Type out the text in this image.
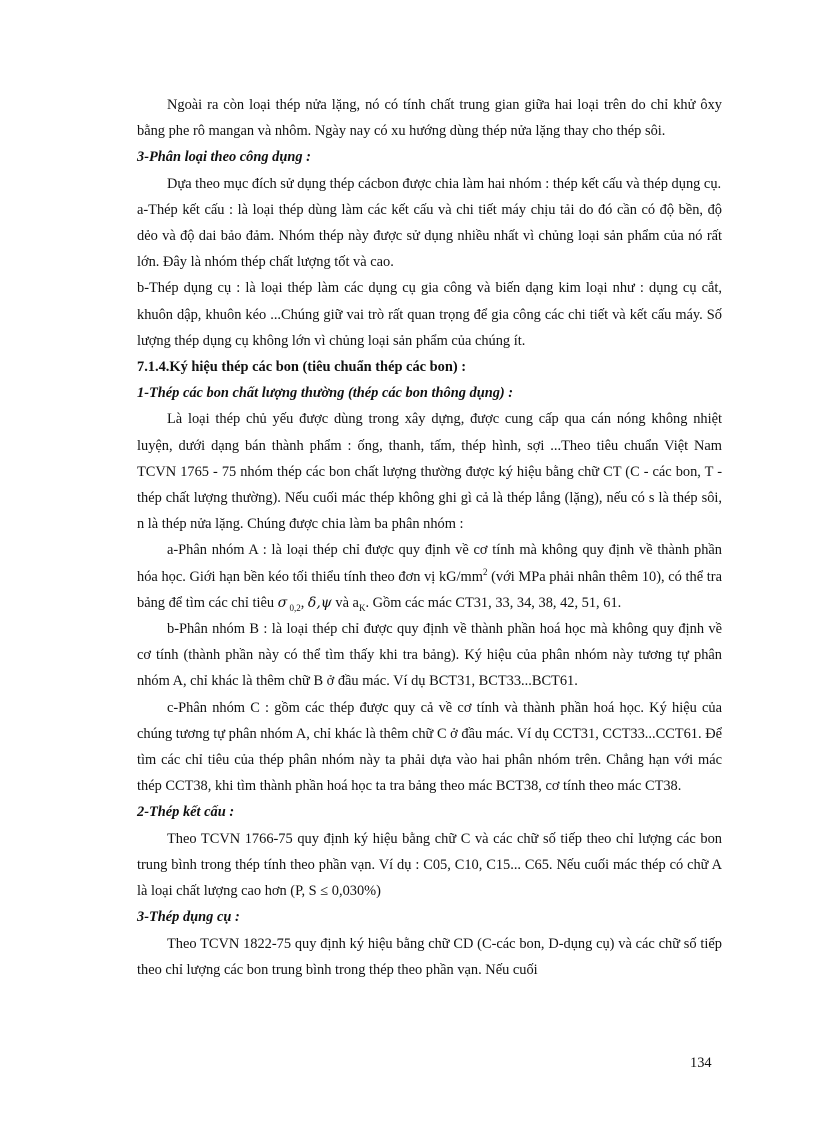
Ngoài ra còn loại thép nửa lặng, nó có tính chất trung gian giữa hai loại trên do chỉ khử ôxy bằng phe rô mangan và nhôm. Ngày nay có xu hướng dùng thép nửa lặng thay cho thép sôi.

3-Phân loại theo công dụng :

Dựa theo mục đích sử dụng thép cácbon được chia làm hai nhóm : thép kết cấu và thép dụng cụ.

a-Thép kết cấu : là loại thép dùng làm các kết cấu và chi tiết máy chịu tải do đó cần có độ bền, độ dẻo và độ dai bảo đảm. Nhóm thép này được sử dụng nhiều nhất vì chủng loại sản phẩm của nó rất lớn. Đây là nhóm thép chất lượng tốt và cao.

b-Thép dụng cụ : là loại thép làm các dụng cụ gia công và biến dạng kim loại như : dụng cụ cắt, khuôn dập, khuôn kéo ...Chúng giữ vai trò rất quan trọng để gia công các chi tiết và kết cấu máy. Số lượng thép dụng cụ không lớn vì chủng loại sản phẩm của chúng ít.

7.1.4.Ký hiệu thép các bon (tiêu chuẩn thép các bon) :

1-Thép các bon chất lượng thường (thép các bon thông dụng) :

Là loại thép chủ yếu được dùng trong xây dựng, được cung cấp qua cán nóng không nhiệt luyện, dưới dạng bán thành phẩm : ống, thanh, tấm, thép hình, sợi ...Theo tiêu chuẩn Việt Nam TCVN 1765 - 75 nhóm thép các bon chất lượng thường được ký hiệu bằng chữ CT (C - các bon, T - thép chất lượng thường). Nếu cuối mác thép không ghi gì cả là thép lắng (lặng), nếu có s là thép sôi, n là thép nửa lặng. Chúng được chia làm ba phân nhóm :

a-Phân nhóm A : là loại thép chỉ được quy định về cơ tính mà không quy định về thành phần hóa học. Giới hạn bền kéo tối thiểu tính theo đơn vị $kG/mm^2$ (với MPa phải nhân thêm 10), có thể tra bảng để tìm các chỉ tiêu σ $_{0,2}$, δ,ψ và $a_K$. Gồm các mác CT31, 33, 34, 38, 42, 51, 61.

b-Phân nhóm B : là loại thép chỉ được quy định về thành phần hoá học mà không quy định về cơ tính (thành phần này có thể tìm thấy khi tra bảng). Ký hiệu của phân nhóm này tương tự phân nhóm A, chỉ khác là thêm chữ B ở đầu mác. Ví dụ BCT31, BCT33...BCT61.

c-Phân nhóm C : gồm các thép được quy cả về cơ tính và thành phần hoá học. Ký hiệu của chúng tương tự phân nhóm A, chỉ khác là thêm chữ C ở đầu mác. Ví dụ CCT31, CCT33...CCT61. Để tìm các chỉ tiêu của thép phân nhóm này ta phải dựa vào hai phân nhóm trên. Chẳng hạn với mác thép CCT38, khi tìm thành phần hoá học ta tra bảng theo mác BCT38, cơ tính theo mác CT38.

2-Thép kết cấu :

Theo TCVN 1766-75 quy định ký hiệu bằng chữ C và các chữ số tiếp theo chỉ lượng các bon trung bình trong thép tính theo phần vạn. Ví dụ : C05, C10, C15... C65. Nếu cuối mác thép có chữ A là loại chất lượng cao hơn (P, S ≤ 0,030%)

3-Thép dụng cụ :

Theo TCVN 1822-75 quy định ký hiệu bằng chữ CD (C-các bon, D-dụng cụ) và các chữ số tiếp theo chỉ lượng các bon trung bình trong thép theo phần vạn. Nếu cuối

134
